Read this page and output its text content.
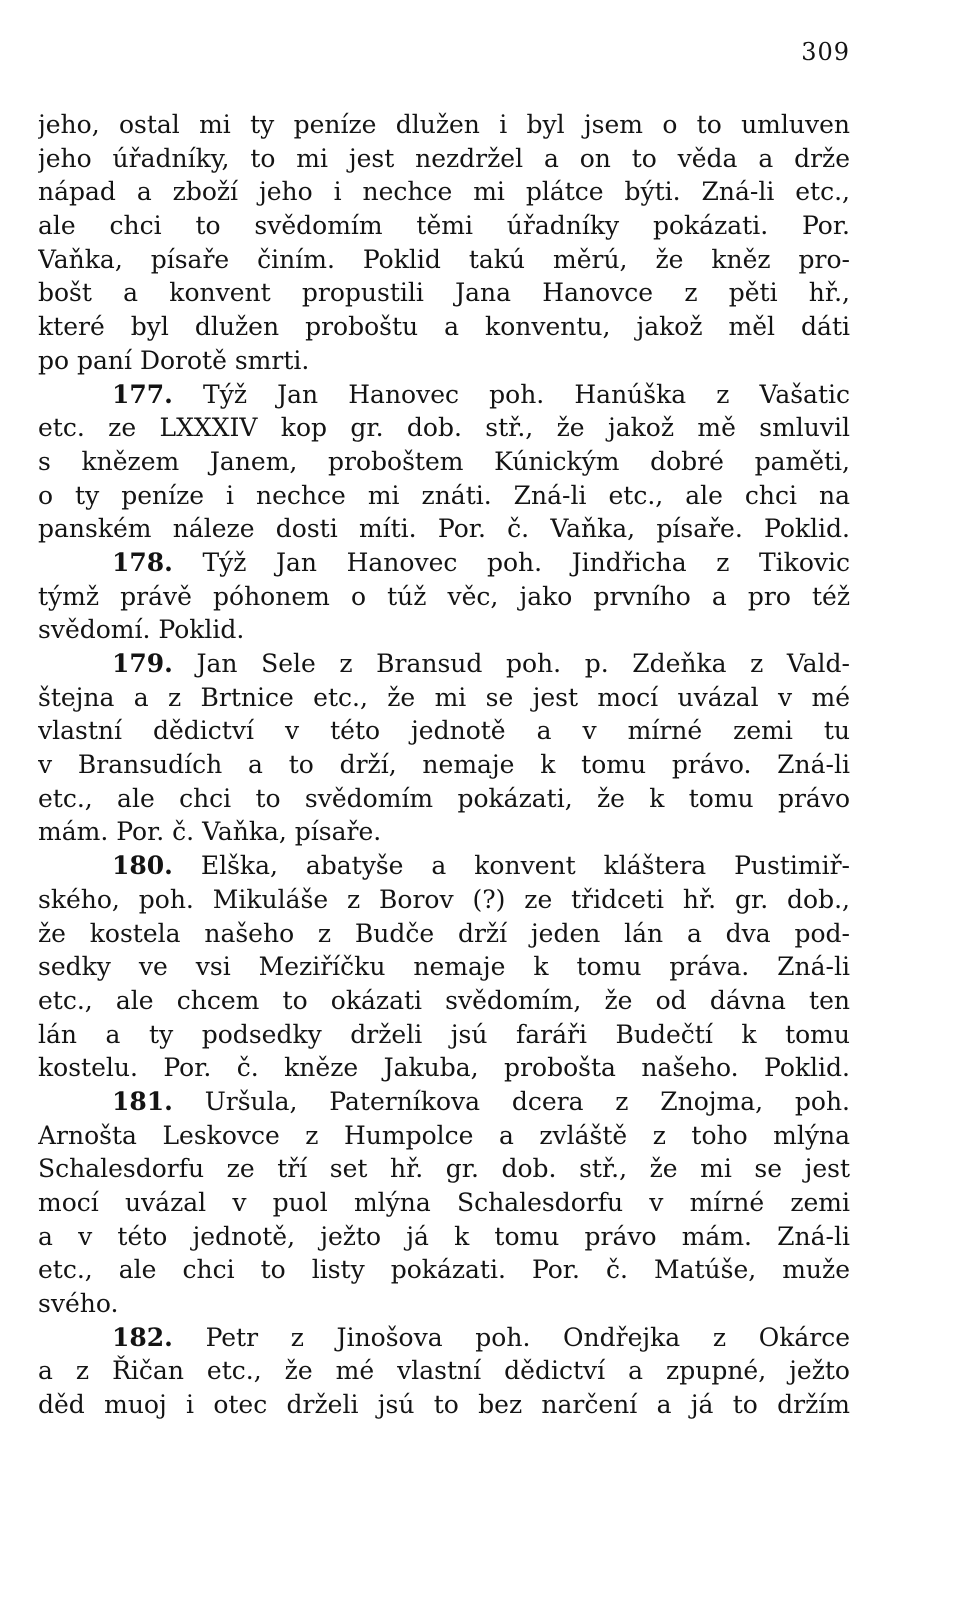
309
jeho, ostal mi ty peníze dlužen i byl jsem o to umluven
jeho úřadníky, to mi jest nezdržel a on to věda a drže
nápad a zboží jeho i nechce mi plátce býti. Zná-li etc.,
ale chci to svědomím těmi úřadníky pokázati. Por.
Vaňka, písaře činím. Poklid takú měrú, že kněz pro-
bošt a konvent propustili Jana Hanovce z pěti hř.,
které byl dlužen proboštu a konventu, jakož měl dáti
po paní Dorotě smrti.
177. Týž Jan Hanovec poh. Hanúška z Vašatic
etc. ze LXXXIV kop gr. dob. stř., že jakož mě smluvil
s knězem Janem, proboštem Kúnickým dobré paměti,
o ty peníze i nechce mi znáti. Zná-li etc., ale chci na
panském náleze dosti míti. Por. č. Vaňka, písaře. Poklid.
178. Týž Jan Hanovec poh. Jindřicha z Tikovic
týmž právě póhonem o túž věc, jako prvního a pro též
svědomí. Poklid.
179. Jan Sele z Bransud poh. p. Zdeňka z Vald-
štejna a z Brtnice etc., že mi se jest mocí uvázal v mé
vlastní dědictví v této jednotě a v mírné zemi tu
v Bransudích a to drží, nemaje k tomu právo. Zná-li
etc., ale chci to svědomím pokázati, že k tomu právo
mám. Por. č. Vaňka, písaře.
180. Elška, abatyše a konvent kláštera Pustimiř-
ského, poh. Mikuláše z Borov (?) ze třidceti hř. gr. dob.,
že kostela našeho z Budče drží jeden lán a dva pod-
sedky ve vsi Meziříčku nemaje k tomu práva. Zná-li
etc., ale chcem to okázati svědomím, že od dávna ten
lán a ty podsedky drželi jsú faráři Budečtí k tomu
kostelu. Por. č. kněze Jakuba, probošta našeho. Poklid.
181. Uršula, Paterníkova dcera z Znojma, poh.
Arnošta Leskovce z Humpolce a zvláště z toho mlýna
Schalesdorfu ze tří set hř. gr. dob. stř., že mi se jest
mocí uvázal v puol mlýna Schalesdorfu v mírné zemi
a v této jednotě, ježto já k tomu právo mám. Zná-li
etc., ale chci to listy pokázati. Por. č. Matúše, muže
svého.
182. Petr z Jinošova poh. Ondřejka z Okárce
a z Řičan etc., že mé vlastní dědictví a zpupné, ježto
děd muoj i otec drželi jsú to bez narčení a já to držím
